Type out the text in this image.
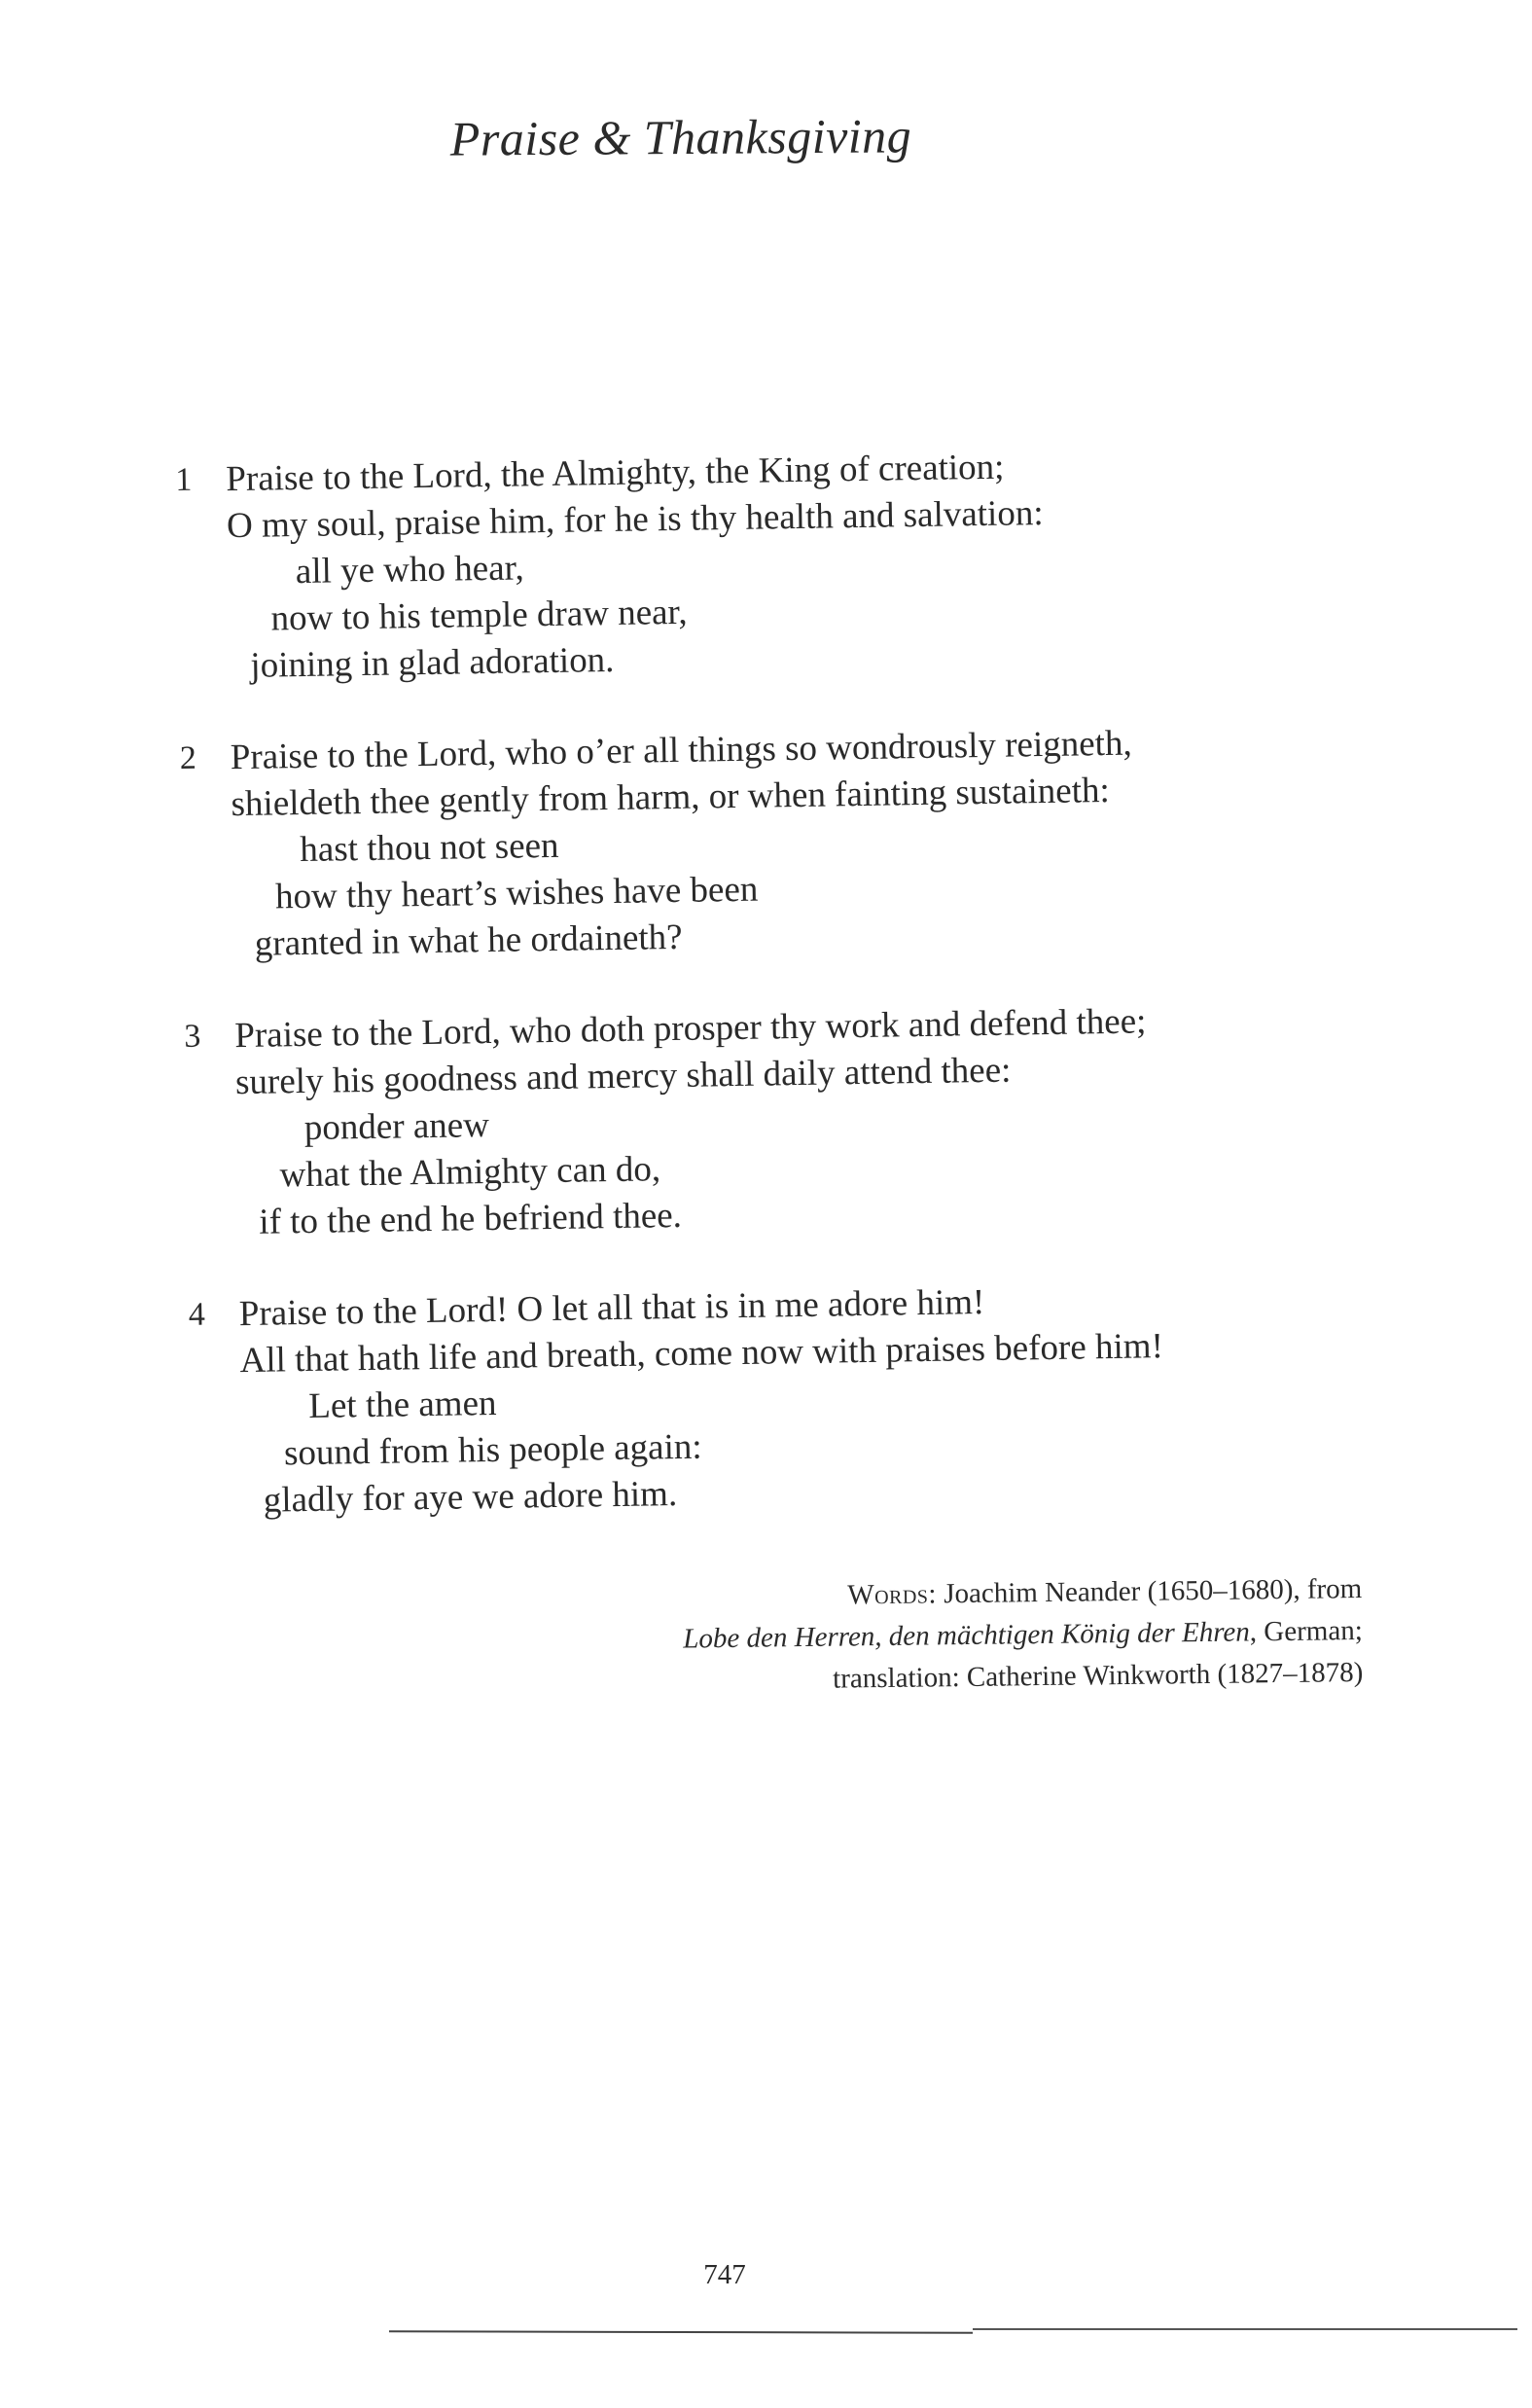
Praise & Thanksgiving
1 Praise to the Lord, the Almighty, the King of creation;
O my soul, praise him, for he is thy health and salvation:
all ye who hear,
now to his temple draw near,
joining in glad adoration.
2 Praise to the Lord, who o’er all things so wondrously reigneth,
shieldeth thee gently from harm, or when fainting sustaineth:
hast thou not seen
how thy heart’s wishes have been
granted in what he ordaineth?
3 Praise to the Lord, who doth prosper thy work and defend thee;
surely his goodness and mercy shall daily attend thee:
ponder anew
what the Almighty can do,
if to the end he befriend thee.
4 Praise to the Lord! O let all that is in me adore him!
All that hath life and breath, come now with praises before him!
Let the amen
sound from his people again:
gladly for aye we adore him.
Words: Joachim Neander (1650–1680), from
Lobe den Herren, den mächtigen König der Ehren, German;
translation: Catherine Winkworth (1827–1878)
747
